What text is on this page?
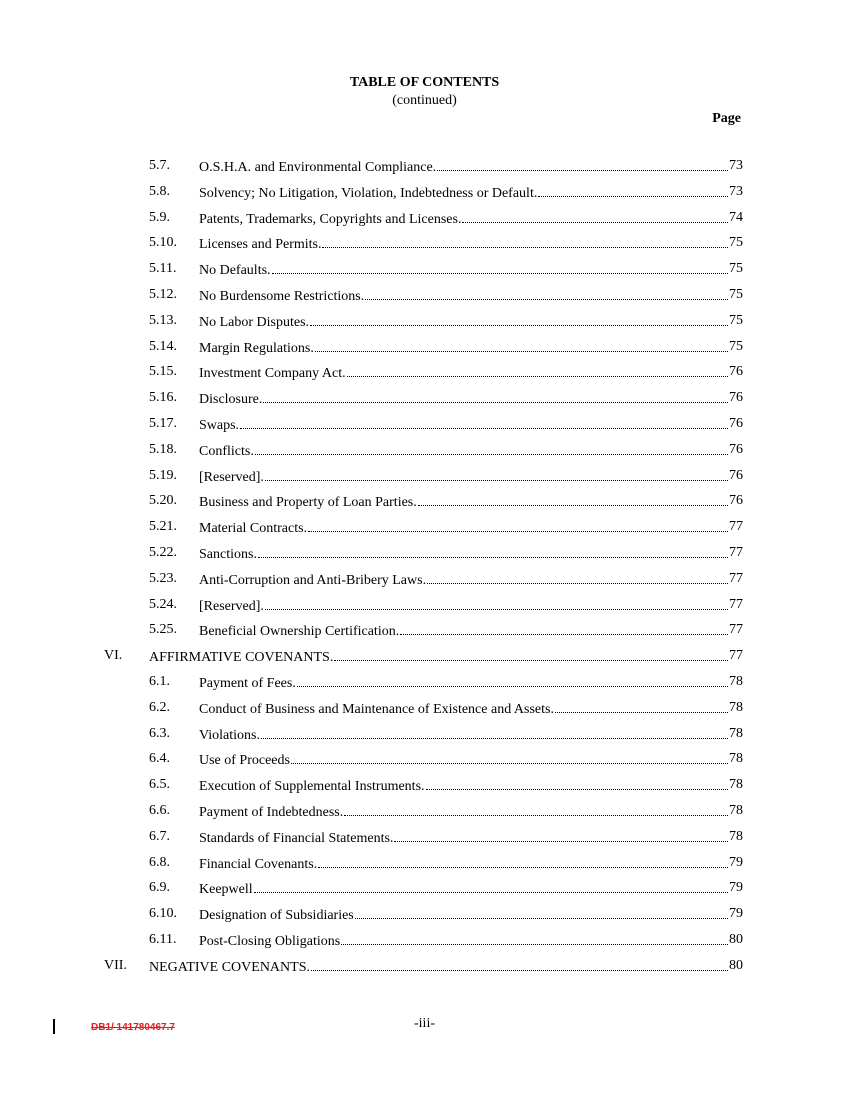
TABLE OF CONTENTS
(continued)
Page
5.7. O.S.H.A. and Environmental Compliance.	73
5.8. Solvency; No Litigation, Violation, Indebtedness or Default.	73
5.9. Patents, Trademarks, Copyrights and Licenses.	74
5.10. Licenses and Permits.	75
5.11. No Defaults.	75
5.12. No Burdensome Restrictions.	75
5.13. No Labor Disputes.	75
5.14. Margin Regulations.	75
5.15. Investment Company Act.	76
5.16. Disclosure.	76
5.17. Swaps.	76
5.18. Conflicts.	76
5.19. [Reserved].	76
5.20. Business and Property of Loan Parties.	76
5.21. Material Contracts.	77
5.22. Sanctions.	77
5.23. Anti-Corruption and Anti-Bribery Laws.	77
5.24. [Reserved].	77
5.25. Beneficial Ownership Certification.	77
VI. AFFIRMATIVE COVENANTS.	77
6.1. Payment of Fees.	78
6.2. Conduct of Business and Maintenance of Existence and Assets.	78
6.3. Violations.	78
6.4. Use of Proceeds	78
6.5. Execution of Supplemental Instruments.	78
6.6. Payment of Indebtedness.	78
6.7. Standards of Financial Statements.	78
6.8. Financial Covenants.	79
6.9. Keepwell	79
6.10. Designation of Subsidiaries	79
6.11. Post-Closing Obligations	80
VII. NEGATIVE COVENANTS.	80
DB1/ 141780467.7	-iii-
